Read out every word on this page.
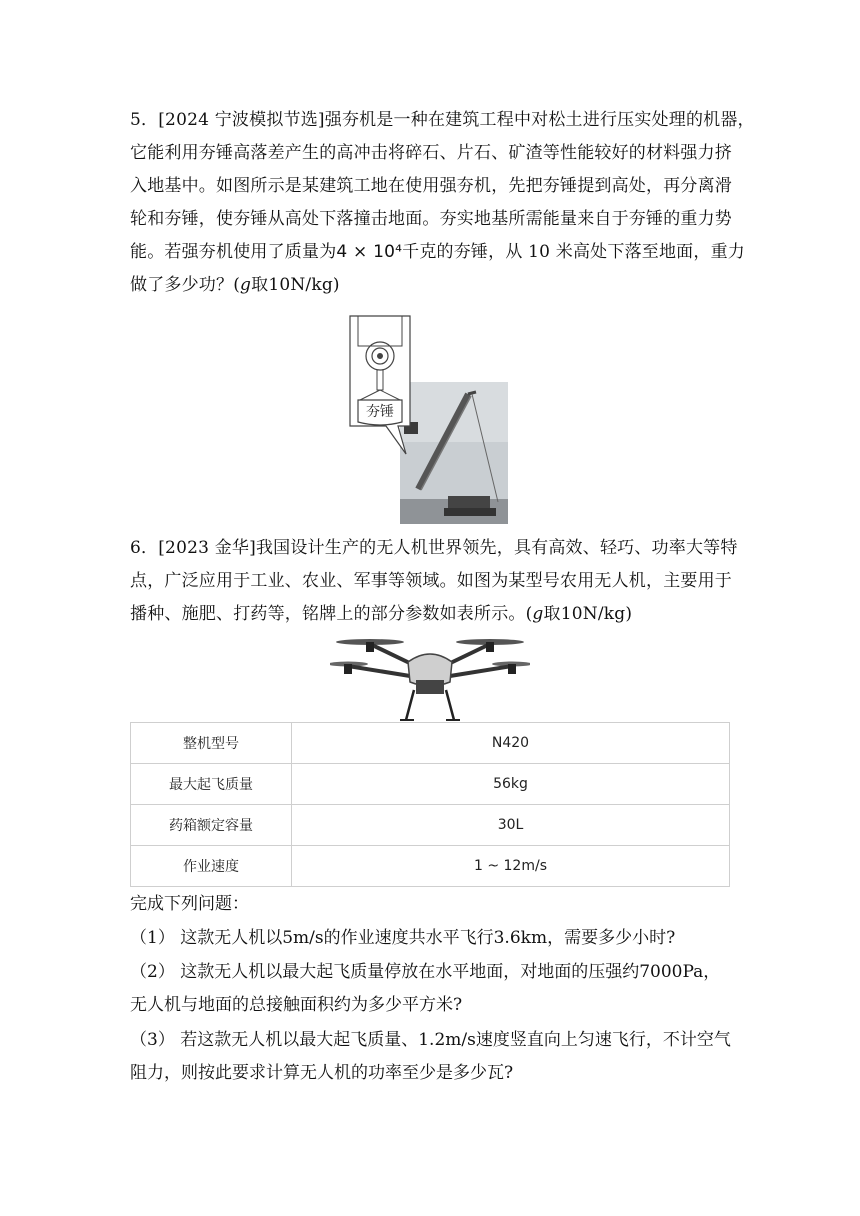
5．[2024 宁波模拟节选]强夯机是一种在建筑工程中对松土进行压实处理的机器，
它能利用夯锤高落差产生的高冲击将碎石、片石、矿渣等性能较好的材料强力挤
入地基中。如图所示是某建筑工地在使用强夯机，先把夯锤提到高处，再分离滑
轮和夯锤，使夯锤从高处下落撞击地面。夯实地基所需能量来自于夯锤的重力势
能。若强夯机使用了质量为4 × 10⁴千克的夯锤，从 10 米高处下落至地面，重力
做了多少功？(𝑔取10N/kg)
夯锤
6．[2023 金华]我国设计生产的无人机世界领先，具有高效、轻巧、功率大等特
点，广泛应用于工业、农业、军事等领域。如图为某型号农用无人机，主要用于
播种、施肥、打药等，铭牌上的部分参数如表所示。(𝑔取10N/kg)
整机型号	N420
最大起飞质量	56kg
药箱额定容量	30L
作业速度	1 ~ 12m/s
完成下列问题：
（1） 这款无人机以5m/s的作业速度共水平飞行3.6km，需要多少小时?
（2） 这款无人机以最大起飞质量停放在水平地面，对地面的压强约7000Pa，
无人机与地面的总接触面积约为多少平方米?
（3） 若这款无人机以最大起飞质量、1.2m/s速度竖直向上匀速飞行，不计空气
阻力，则按此要求计算无人机的功率至少是多少瓦?
